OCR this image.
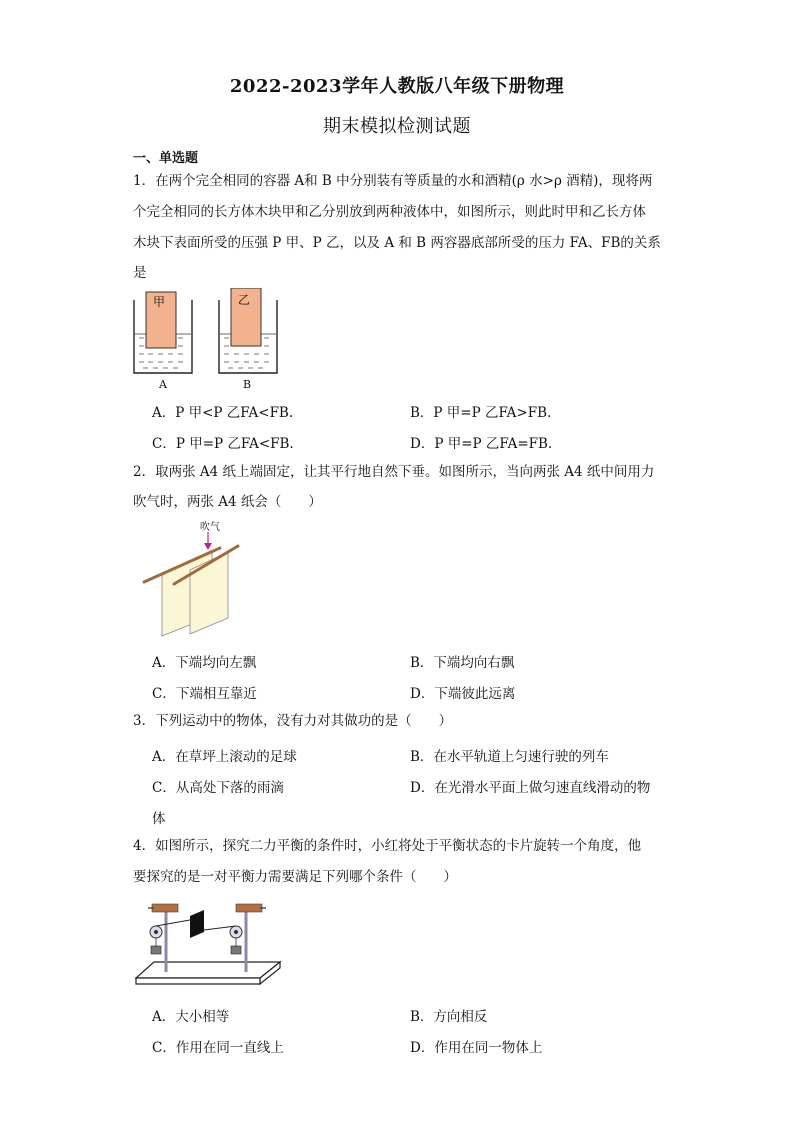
2022-2023学年人教版八年级下册物理
期末模拟检测试题
一、单选题
1．在两个完全相同的容器 A和 B 中分别装有等质量的水和酒精(ρ 水>ρ 酒精)，现将两
个完全相同的长方体木块甲和乙分别放到两种液体中，如图所示，则此时甲和乙长方体
木块下表面所受的压强 P 甲、P 乙，以及 A 和 B 两容器底部所受的压力 FA、FB的关系
是
甲	乙
A	B
A．P 甲<P 乙FA<FB.	B．P 甲=P 乙FA>FB.
C．P 甲=P 乙FA<FB.	D．P 甲=P 乙FA=FB.
2．取两张 A4 纸上端固定，让其平行地自然下垂。如图所示，当向两张 A4 纸中间用力
吹气时，两张 A4 纸会（　　）
吹气
A．下端均向左飘	B．下端均向右飘
C．下端相互靠近	D．下端彼此远离
3．下列运动中的物体，没有力对其做功的是（　　）
A．在草坪上滚动的足球	B．在水平轨道上匀速行驶的列车
C．从高处下落的雨滴	D．在光滑水平面上做匀速直线滑动的物
体
4．如图所示，探究二力平衡的条件时，小红将处于平衡状态的卡片旋转一个角度，他
要探究的是一对平衡力需要满足下列哪个条件（　　）
A．大小相等	B．方向相反
C．作用在同一直线上	D．作用在同一物体上
